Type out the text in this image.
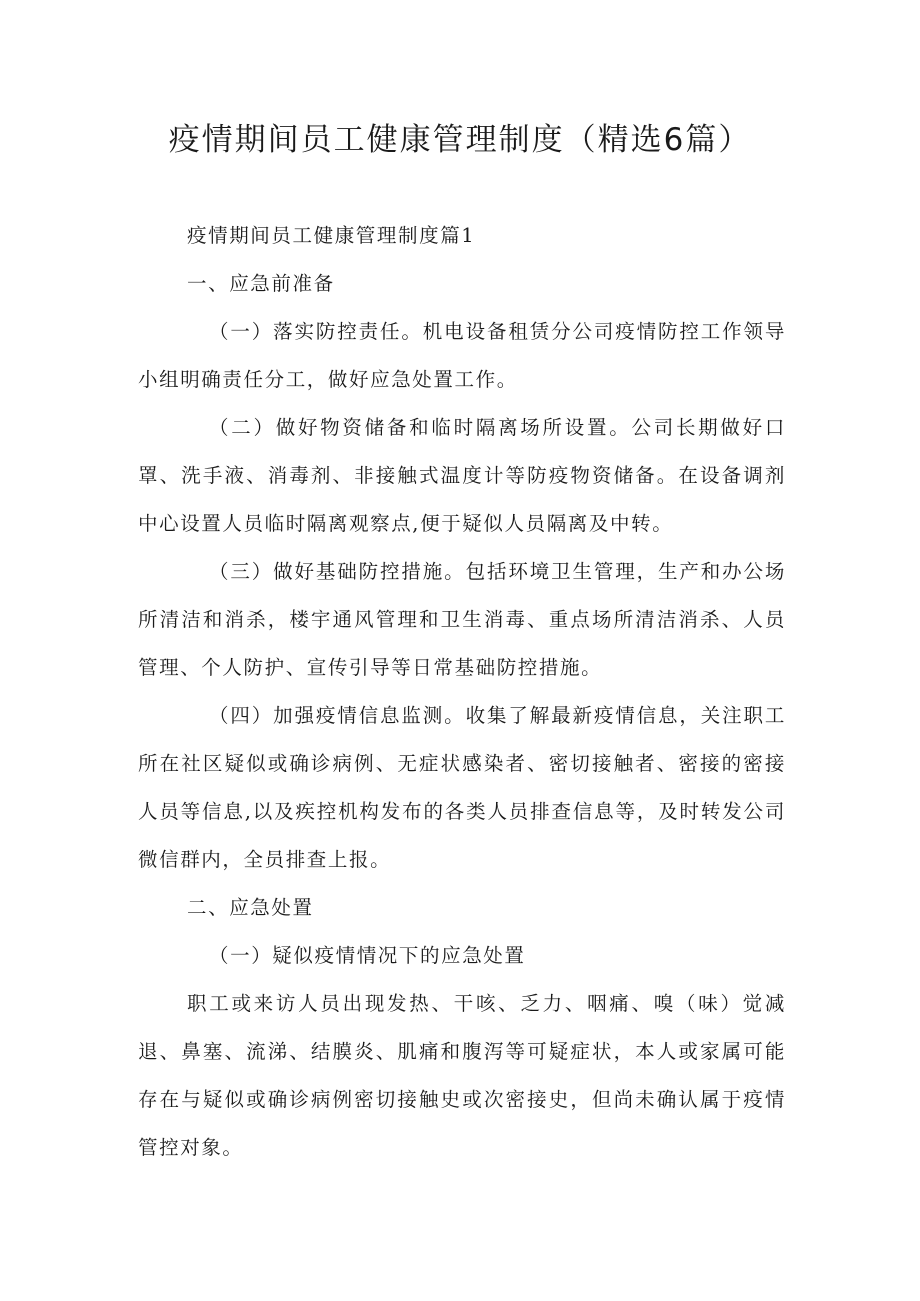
疫情期间员工健康管理制度（精选6篇）

疫情期间员工健康管理制度篇1

一、应急前准备

（一）落实防控责任。机电设备租赁分公司疫情防控工作领导小组明确责任分工，做好应急处置工作。

（二）做好物资储备和临时隔离场所设置。公司长期做好口罩、洗手液、消毒剂、非接触式温度计等防疫物资储备。在设备调剂中心设置人员临时隔离观察点,便于疑似人员隔离及中转。

（三）做好基础防控措施。包括环境卫生管理，生产和办公场所清洁和消杀，楼宇通风管理和卫生消毒、重点场所清洁消杀、人员管理、个人防护、宣传引导等日常基础防控措施。

（四）加强疫情信息监测。收集了解最新疫情信息，关注职工所在社区疑似或确诊病例、无症状感染者、密切接触者、密接的密接人员等信息,以及疾控机构发布的各类人员排查信息等，及时转发公司微信群内，全员排查上报。

二、应急处置

（一）疑似疫情情况下的应急处置

职工或来访人员出现发热、干咳、乏力、咽痛、嗅（味）觉减退、鼻塞、流涕、结膜炎、肌痛和腹泻等可疑症状，本人或家属可能存在与疑似或确诊病例密切接触史或次密接史，但尚未确认属于疫情管控对象。
